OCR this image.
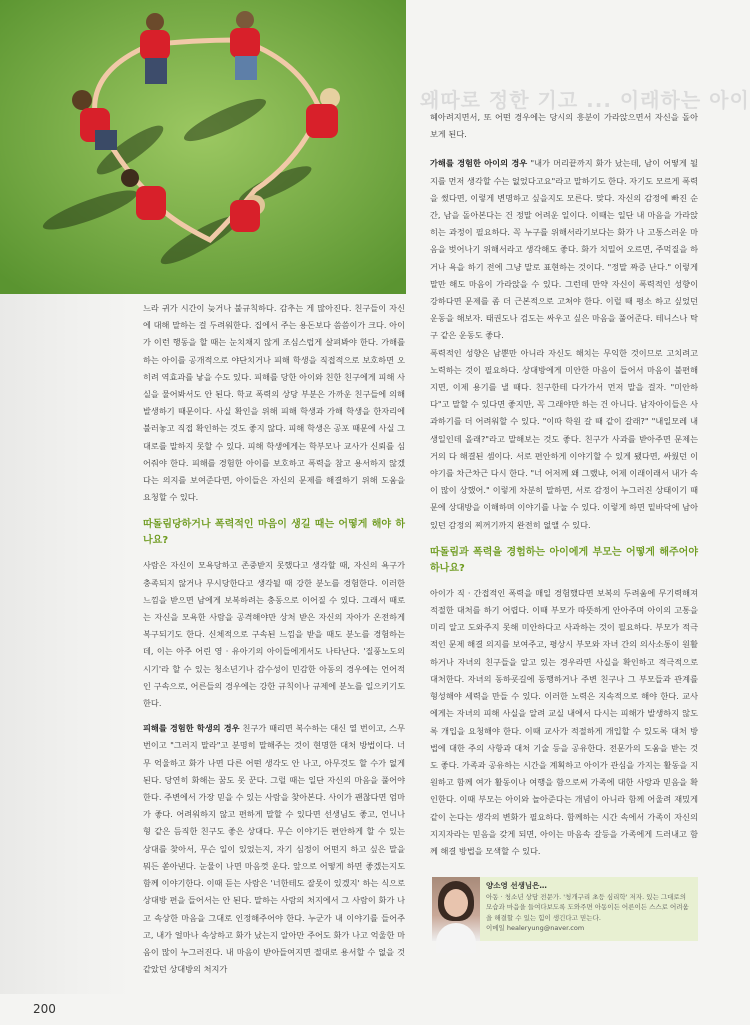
왜따로 정한 기고 ... 이래하는 아이

느라 귀가 시간이 늦거나 불규칙하다. 감추는 게 많아진다. 친구들이 자신에 대해 말하는 걸 두려워한다. 집에서 주는 용돈보다 씀씀이가 크다. 아이가 이런 행동을 할 때는 눈치채지 않게 조심스럽게 살펴봐야 한다. 가해를 하는 아이를 공개적으로 야단치거나 피해 학생을 직접적으로 보호하면 오히려 역효과를 낳을 수도 있다. 피해를 당한 아이와 친한 친구에게 피해 사실을 물어봐서도 안 된다. 학교 폭력의 상당 부분은 가까운 친구들에 의해 발생하기 때문이다. 사실 확인을 위해 피해 학생과 가해 학생을 한자리에 불러놓고 직접 확인하는 것도 좋지 않다. 피해 학생은 공포 때문에 사실 그대로를 말하지 못할 수 있다. 피해 학생에게는 학부모나 교사가 신뢰를 심어줘야 한다. 피해를 경험한 아이를 보호하고 폭력을 참고 용서하지 않겠다는 의지를 보여준다면, 아이들은 자신의 문제를 해결하기 위해 도움을 요청할 수 있다.

따돌림당하거나 폭력적인 마음이 생길 때는 어떻게 해야 하나요?

사람은 자신이 모욕당하고 존중받지 못했다고 생각할 때, 자신의 욕구가 충족되지 않거나 무시당한다고 생각될 때 강한 분노를 경험한다. 이러한 느낌을 받으면 남에게 보복하려는 충동으로 이어질 수 있다. 그래서 때로는 자신을 모욕한 사람을 공격해야만 상처 받은 자신의 자아가 온전하게 복구되기도 한다. 신체적으로 구속된 느낌을 받을 때도 분노를 경험하는데, 이는 아주 어린 영 · 유아기의 아이들에게서도 나타난다. '질풍노도의 시기'라 할 수 있는 청소년기나 감수성이 민감한 아동의 경우에는 언어적인 구속으로, 어른들의 경우에는 강한 규칙이나 규제에 분노를 일으키기도 한다.

피해를 경험한 학생의 경우 친구가 때리면 복수하는 대신 열 번이고, 스무 번이고 "그러지 말라"고 분명히 말해주는 것이 현명한 대처 방법이다. 너무 억울하고 화가 나면 다른 어떤 생각도 안 나고, 아무것도 할 수가 없게 된다. 당연히 화해는 꿈도 못 꾼다. 그럴 때는 일단 자신의 마음을 풀어야 한다. 주변에서 가장 믿을 수 있는 사람을 찾아본다. 사이가 괜찮다면 엄마가 좋다. 어려워하지 않고 편하게 말할 수 있다면 선생님도 좋고, 언니나 형 같은 듬직한 친구도 좋은 상대다. 무슨 이야기든 편안하게 할 수 있는 상대를 찾아서, 무슨 일이 있었는지, 자기 심정이 어떤지 하고 싶은 말을 뭐든 쏟아낸다. 눈물이 나면 마음껏 운다. 앞으로 어떻게 하면 좋겠는지도 함께 이야기한다. 이때 듣는 사람은 '너한테도 잘못이 있겠지' 하는 식으로 상대방 편을 들어서는 안 된다. 말하는 사람의 처지에서 그 사람이 화가 나고 속상한 마음을 그대로 인정해주어야 한다. 누군가 내 이야기를 들어주고, 내가 얼마나 속상하고 화가 났는지 알아만 주어도 화가 나고 억울한 마음이 많이 누그러진다. 내 마음이 받아들여지면 절대로 용서할 수 없을 것 같았던 상대방의 처지가

헤아려지면서, 또 어떤 경우에는 당시의 흥분이 가라앉으면서 자신을 돌아보게 된다.

가해를 경험한 아이의 경우 "내가 머리끝까지 화가 났는데, 남이 어떻게 될지를 먼저 생각할 수는 없었다고요"라고 말하기도 한다. 자기도 모르게 폭력을 썼다면, 이렇게 변명하고 싶을지도 모른다. 맞다. 자신의 감정에 빠진 순간, 남을 돌아본다는 건 정말 어려운 일이다. 이때는 일단 내 마음을 가라앉히는 과정이 필요하다. 꼭 누구를 위해서라기보다는 화가 나 고통스러운 마음을 벗어나기 위해서라고 생각해도 좋다. 화가 치밀어 오르면, 주먹질을 하거나 욕을 하기 전에 그냥 말로 표현하는 것이다. "정말 짜증 난다." 이렇게 말만 해도 마음이 가라앉을 수 있다. 그런데 만약 자신이 폭력적인 성향이 강하다면 문제를 좀 더 근본적으로 고쳐야 한다. 이럴 때 평소 하고 싶었던 운동을 해보자. 태권도나 검도는 싸우고 싶은 마음을 풀어준다. 테니스나 탁구 같은 운동도 좋다.

폭력적인 성향은 남뿐만 아니라 자신도 해치는 무익한 것이므로 고치려고 노력하는 것이 필요하다. 상대방에게 미안한 마음이 들어서 마음이 불편해지면, 이제 용기를 낼 때다. 친구한테 다가가서 먼저 말을 걸자. "미안하다"고 말할 수 있다면 좋지만, 꼭 그래야만 하는 건 아니다. 남자아이들은 사과하기를 더 어려워할 수 있다. "이따 학원 갈 때 같이 갈래?" "내일모레 내 생일인데 올래?"라고 말해보는 것도 좋다. 친구가 사과를 받아주면 문제는 거의 다 해결된 셈이다. 서로 편안하게 이야기할 수 있게 됐다면, 싸웠던 이야기를 차근차근 다시 한다. "너 어저께 왜 그랬냐, 어제 이래이래서 내가 속이 많이 상했어." 이렇게 차분히 말하면, 서로 감정이 누그러진 상태이기 때문에 상대방을 이해하며 이야기를 나눌 수 있다. 이렇게 하면 밑바닥에 남아 있던 감정의 찌꺼기까지 완전히 없앨 수 있다.

따돌림과 폭력을 경험하는 아이에게 부모는 어떻게 해주어야 하나요?

아이가 직 · 간접적인 폭력을 매일 경험했다면 보복의 두려움에 무기력해져 적절한 대처를 하기 어렵다. 이때 부모가 따뜻하게 안아주며 아이의 고통을 미리 알고 도와주지 못해 미안하다고 사과하는 것이 필요하다. 부모가 적극적인 문제 해결 의지를 보여주고, 평상시 부모와 자녀 간의 의사소통이 원활하거나 자녀의 친구들을 알고 있는 경우라면 사실을 확인하고 적극적으로 대처한다. 자녀의 동하굣길에 동행하거나 주변 친구나 그 부모들과 관계를 형성해야 세력을 만들 수 있다. 이러한 노력은 지속적으로 해야 한다. 교사에게는 자녀의 피해 사실을 알려 교실 내에서 다시는 피해가 발생하지 않도록 개입을 요청해야 한다. 이때 교사가 적절하게 개입할 수 있도록 대처 방법에 대한 주의 사항과 대처 기술 등을 공유한다. 전문가의 도움을 받는 것도 좋다. 가족과 공유하는 시간을 계획하고 아이가 관심을 가지는 활동을 지원하고 함께 여가 활동이나 여행을 함으로써 가족에 대한 사랑과 믿음을 확인한다. 이때 부모는 아이와 놀아준다는 개념이 아니라 함께 어울려 재밌게 같이 논다는 생각의 변화가 필요하다. 함께하는 시간 속에서 가족이 자신의 지지자라는 믿음을 갖게 되면, 아이는 마음속 갈등을 가족에게 드러내고 함께 해결 방법을 모색할 수 있다.

양소영 선생님은…
아동 · 청소년 상담 전문가. '청개구리 초등 심리학' 저자. 있는 그대로의 모습과 마음을 들여다보도록 도와주면 아동이든 어른이든 스스로 어려움을 해결할 수 있는 힘이 생긴다고 믿는다.
이메일 healeryung@naver.com
200
